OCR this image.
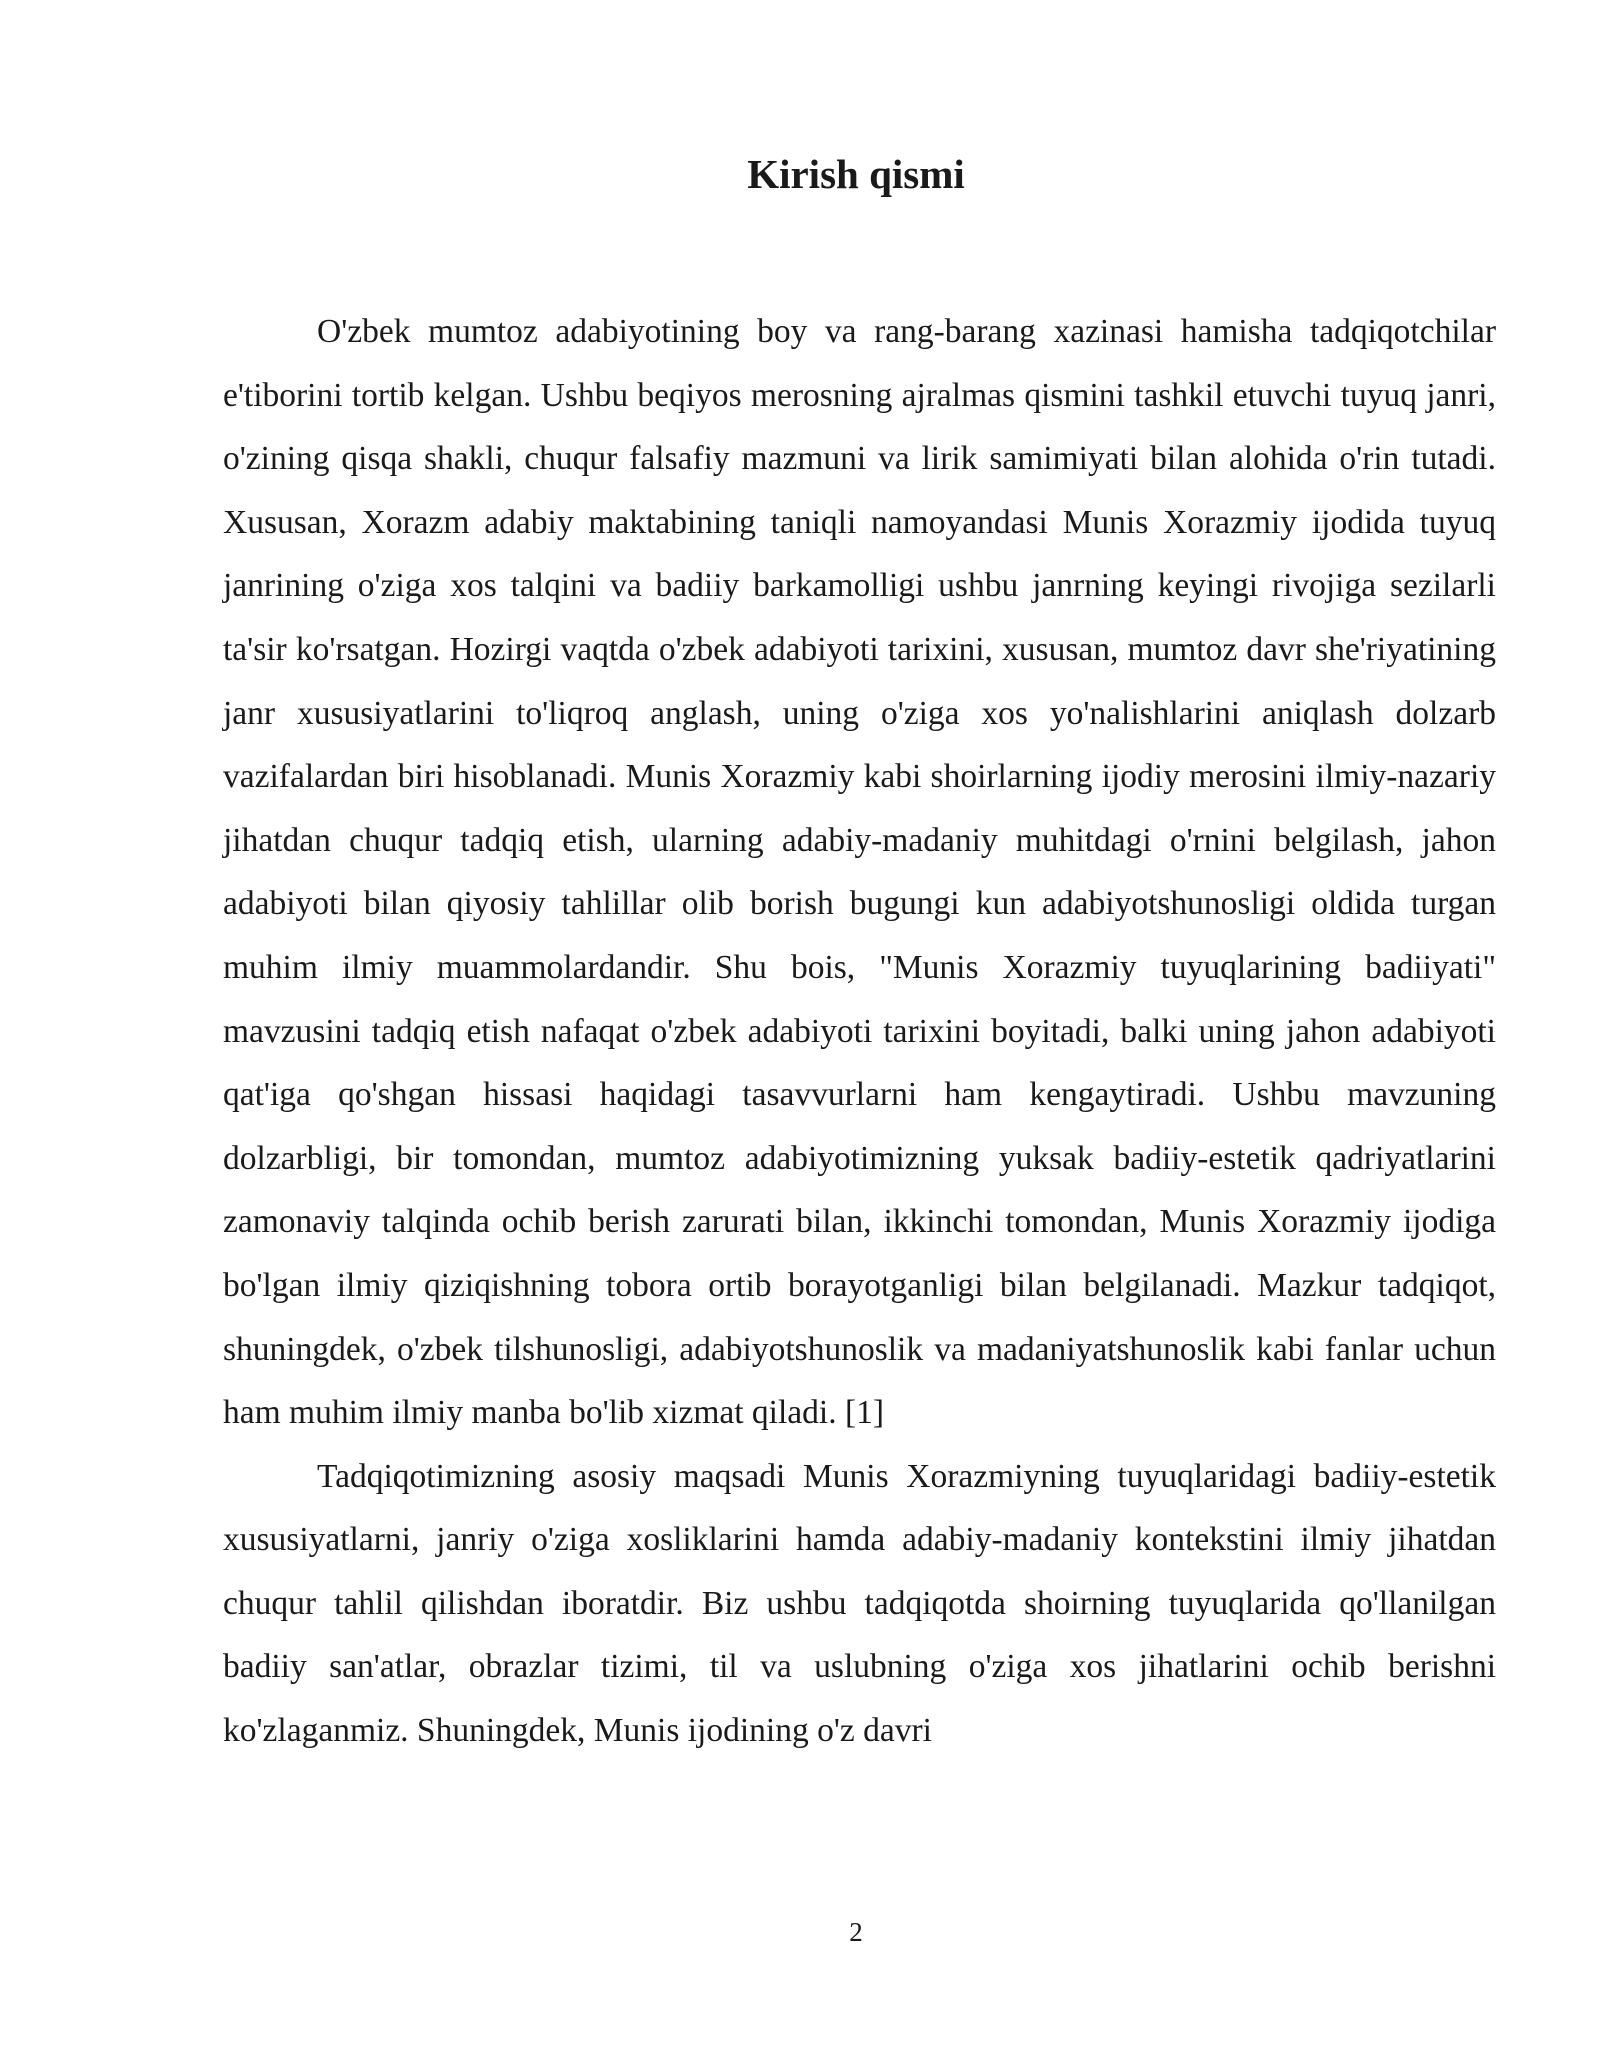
Kirish qismi

O'zbek mumtoz adabiyotining boy va rang-barang xazinasi hamisha tadqiqotchilar e'tiborini tortib kelgan. Ushbu beqiyos merosning ajralmas qismini tashkil etuvchi tuyuq janri, o'zining qisqa shakli, chuqur falsafiy mazmuni va lirik samimiyati bilan alohida o'rin tutadi. Xususan, Xorazm adabiy maktabining taniqli namoyandasi Munis Xorazmiy ijodida tuyuq janrining o'ziga xos talqini va badiiy barkamolligi ushbu janrning keyingi rivojiga sezilarli ta'sir ko'rsatgan. Hozirgi vaqtda o'zbek adabiyoti tarixini, xususan, mumtoz davr she'riyatining janr xususiyatlarini to'liqroq anglash, uning o'ziga xos yo'nalishlarini aniqlash dolzarb vazifalardan biri hisoblanadi. Munis Xorazmiy kabi shoirlarning ijodiy merosini ilmiy-nazariy jihatdan chuqur tadqiq etish, ularning adabiy-madaniy muhitdagi o'rnini belgilash, jahon adabiyoti bilan qiyosiy tahlillar olib borish bugungi kun adabiyotshunosligi oldida turgan muhim ilmiy muammolardandir. Shu bois, "Munis Xorazmiy tuyuqlarining badiiyati" mavzusini tadqiq etish nafaqat o'zbek adabiyoti tarixini boyitadi, balki uning jahon adabiyoti qat'iga qo'shgan hissasi haqidagi tasavvurlarni ham kengaytiradi. Ushbu mavzuning dolzarbligi, bir tomondan, mumtoz adabiyotimizning yuksak badiiy-estetik qadriyatlarini zamonaviy talqinda ochib berish zarurati bilan, ikkinchi tomondan, Munis Xorazmiy ijodiga bo'lgan ilmiy qiziqishning tobora ortib borayotganligi bilan belgilanadi. Mazkur tadqiqot, shuningdek, o'zbek tilshunosligi, adabiyotshunoslik va madaniyatshunoslik kabi fanlar uchun ham muhim ilmiy manba bo'lib xizmat qiladi. [1]

Tadqiqotimizning asosiy maqsadi Munis Xorazmiyning tuyuqlaridagi badiiy-estetik xususiyatlarni, janriy o'ziga xosliklarini hamda adabiy-madaniy kontekstini ilmiy jihatdan chuqur tahlil qilishdan iboratdir. Biz ushbu tadqiqotda shoirning tuyuqlarida qo'llanilgan badiiy san'atlar, obrazlar tizimi, til va uslubning o'ziga xos jihatlarini ochib berishni ko'zlaganmiz. Shuningdek, Munis ijodining o'z davri

2
